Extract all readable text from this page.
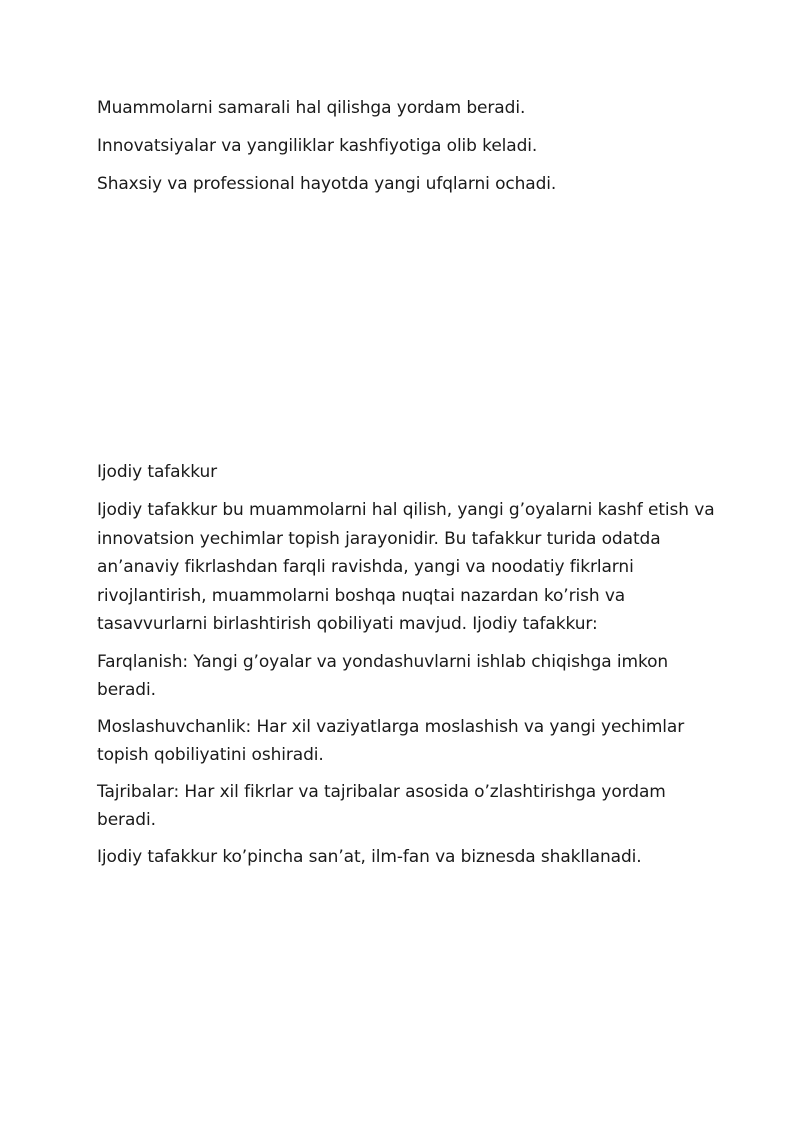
Muammolarni samarali hal qilishga yordam beradi.

Innovatsiyalar va yangiliklar kashfiyotiga olib keladi.

Shaxsiy va professional hayotda yangi ufqlarni ochadi.

Ijodiy tafakkur

Ijodiy tafakkur bu muammolarni hal qilish, yangi g’oyalarni kashf etish va innovatsion yechimlar topish jarayonidir. Bu tafakkur turida odatda an’anaviy fikrlashdan farqli ravishda, yangi va noodatiy fikrlarni rivojlantirish, muammolarni boshqa nuqtai nazardan ko’rish va tasavvurlarni birlashtirish qobiliyati mavjud. Ijodiy tafakkur:

Farqlanish: Yangi g’oyalar va yondashuvlarni ishlab chiqishga imkon beradi.

Moslashuvchanlik: Har xil vaziyatlarga moslashish va yangi yechimlar topish qobiliyatini oshiradi.

Tajribalar: Har xil fikrlar va tajribalar asosida o’zlashtirishga yordam beradi.

Ijodiy tafakkur ko’pincha san’at, ilm-fan va biznesda shakllanadi.
